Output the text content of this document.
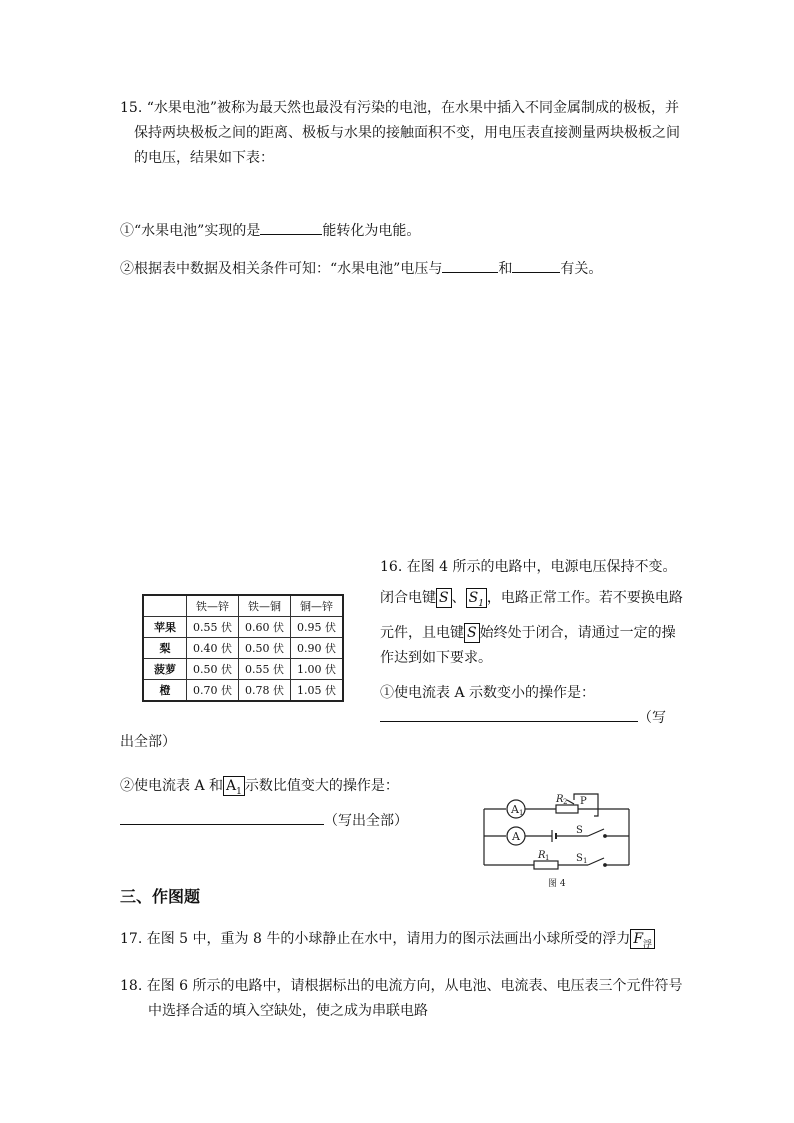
15. “水果电池”被称为最天然也最没有污染的电池，在水果中插入不同金属制成的极板，并
保持两块极板之间的距离、极板与水果的接触面积不变，用电压表直接测量两块极板之间
的电压，结果如下表：
①“水果电池”实现的是	能转化为电能。
②根据表中数据及相关条件可知：“水果电池”电压与	和	有关。
	铁—锌	铁—铜	铜—锌
苹果	0.55 伏	0.60 伏	0.95 伏
梨	0.40 伏	0.50 伏	0.90 伏
菠萝	0.50 伏	0.55 伏	1.00 伏
橙	0.70 伏	0.78 伏	1.05 伏
16. 在图 4 所示的电路中，电源电压保持不变。
闭合电键 S 、 $S_1$ ，电路正常工作。若不要换电路
元件，且电键 S 始终处于闭合，请通过一定的操
作达到如下要求。
①使电流表 A 示数变小的操作是：
（写
出全部）
②使电流表 A 和 $A_1$ 示数比值变大的操作是：
（写出全部）
A 1
R 2 P
A	S
R 1	S 1
图 4
三、作图题
17. 在图 5 中，重为 8 牛的小球静止在水中，请用力的图示法画出小球所受的浮力 $F_浮$
18. 在图 6 所示的电路中，请根据标出的电流方向，从电池、电流表、电压表三个元件符号
中选择合适的填入空缺处，使之成为串联电路
